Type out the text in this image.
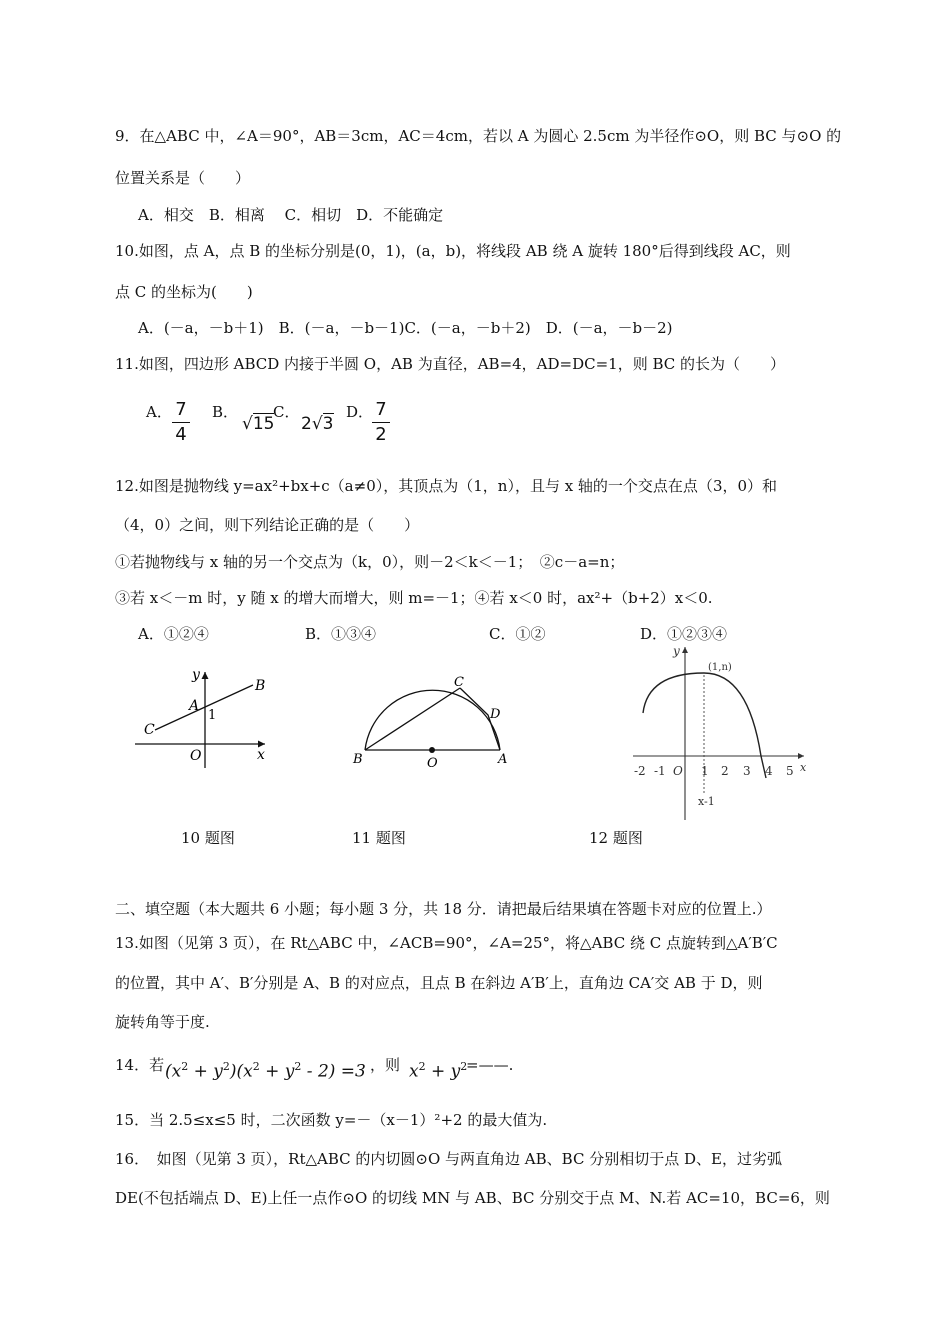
9．在△ABC 中，∠A＝90°，AB＝3cm，AC＝4cm，若以 A 为圆心 2.5cm 为半径作⊙O，则 BC 与⊙O 的
位置关系是（　　）
A．相交　B．相离　 C．相切　D．不能确定
10.如图，点 A，点 B 的坐标分别是(0，1)，(a，b)，将线段 AB 绕 A 旋转 180°后得到线段 AC，则
点 C 的坐标为(　　)
A．(－a，－b＋1)　B．(－a，－b－1)C．(－a，－b＋2)　D．(－a，－b－2)
11.如图，四边形 ABCD 内接于半圆 O，AB 为直径，AB=4，AD=DC=1，则 BC 的长为（　　）
A． 7
4
B．
√15
C．
2√3
D． 7
2
12.如图是抛物线 y=ax²+bx+c（a≠0），其顶点为（1，n），且与 x 轴的一个交点在点（3，0）和
（4，0）之间，则下列结论正确的是（　　）
①若抛物线与 x 轴的另一个交点为（k，0），则－2＜k＜－1；　②c－a=n；
③若 x＜－m 时，y 随 x 的增大而增大，则 m=－1；④若 x＜0 时，ax²+（b+2）x＜0.
A．①②④	B．①③④	C．①②	D．①②③④
y
x
B
A
1
C
O
C
D
B	O	A
y
(1,n)
x
-2 -1 O 1 2 3 4 5
x-1
10 题图	11 题图	12 题图
二、填空题（本大题共 6 小题；每小题 3 分，共 18 分．请把最后结果填在答题卡对应的位置上.）
13.如图（见第 3 页），在 Rt△ABC 中，∠ACB=90°，∠A=25°，将△ABC 绕 C 点旋转到△A′B′C
的位置，其中 A′、B′分别是 A、B 的对应点，且点 B 在斜边 A′B′上，直角边 CA′交 AB 于 D，则
旋转角等于度.
14．若 $(x^2 + y^2)(x^2 + y^2 - 2) =3$ ，则 $x^2 + y^2$
=——.
15．当 2.5≤x≤5 时，二次函数 y=－（x－1）²+2 的最大值为.
16．　如图（见第 3 页），Rt△ABC 的内切圆⊙O 与两直角边 AB、BC 分别相切于点 D、E，过劣弧
DE(不包括端点 D、E)上任一点作⊙O 的切线 MN 与 AB、BC 分别交于点 M、N.若 AC=10，BC=6，则
